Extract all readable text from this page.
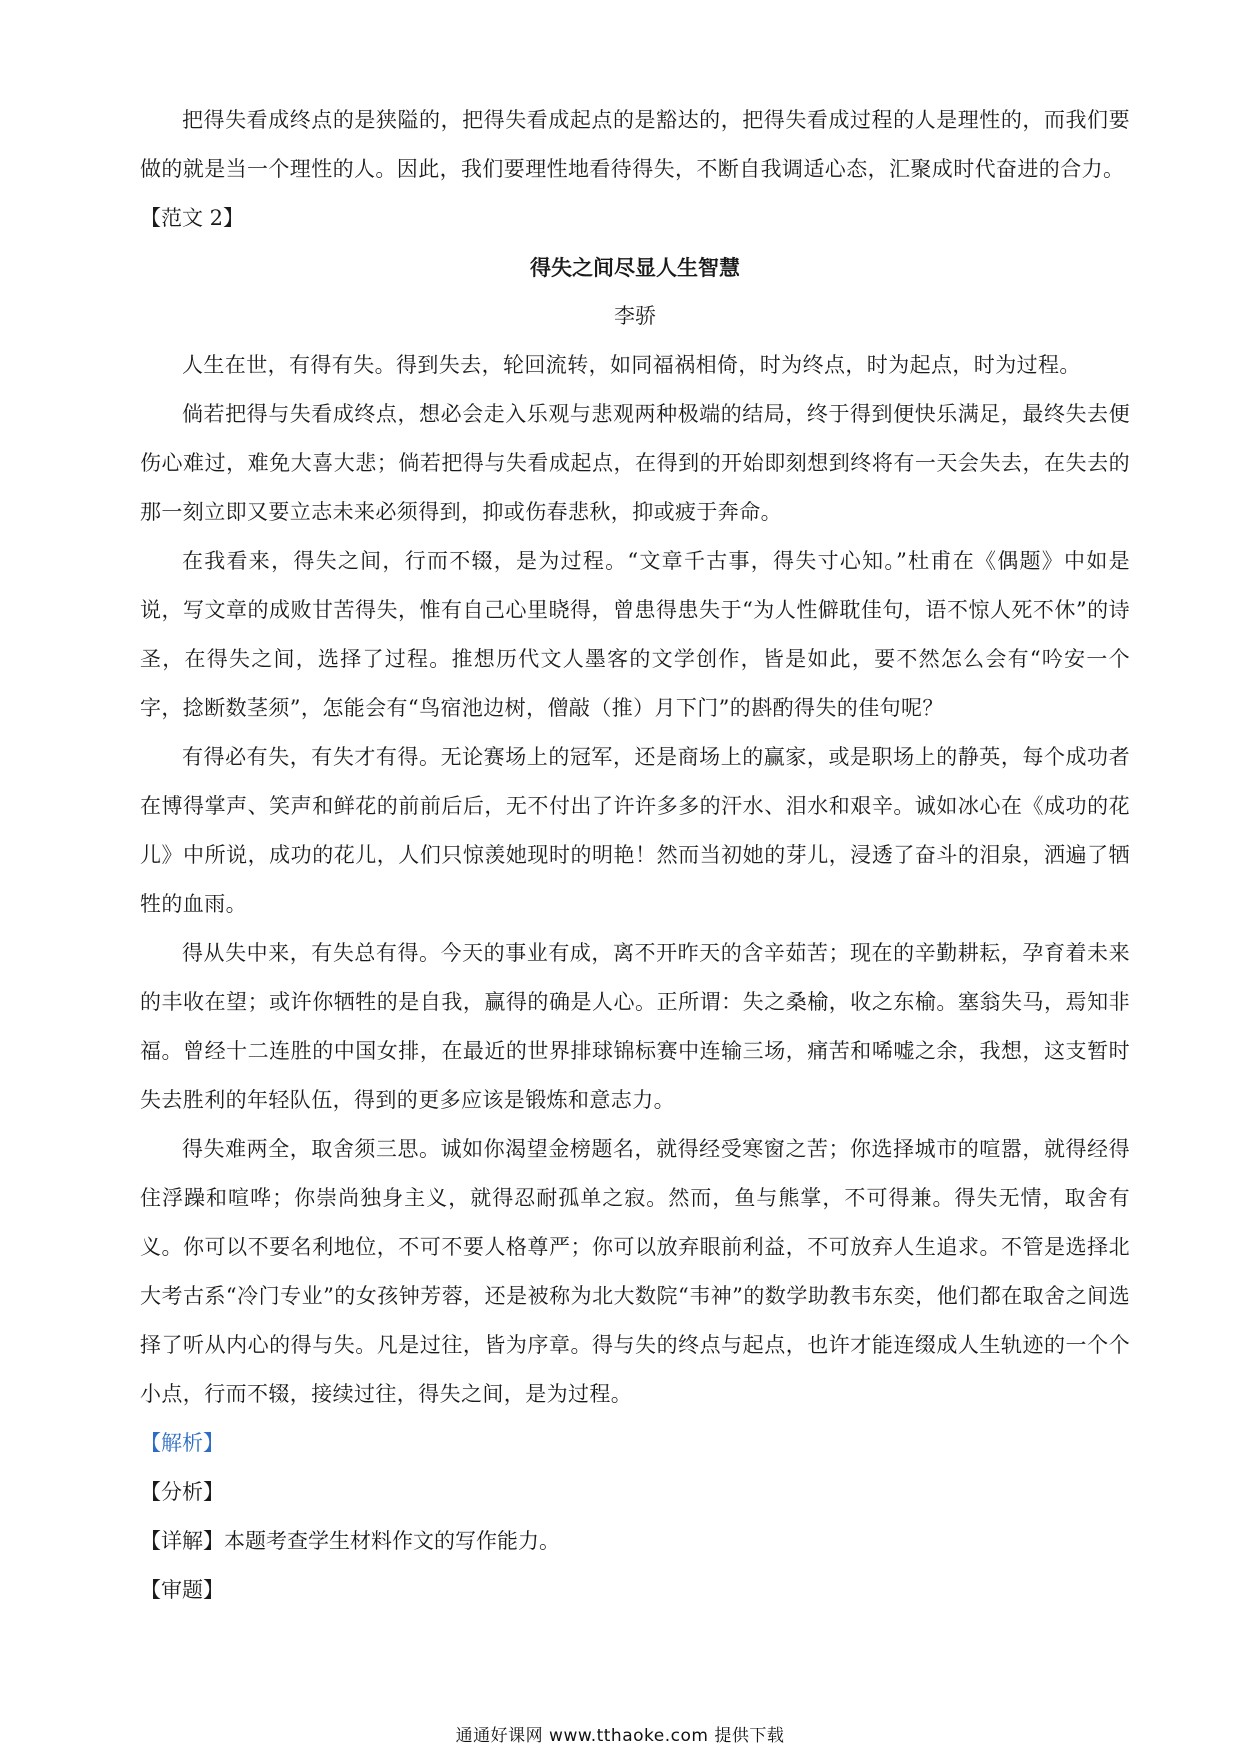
把得失看成终点的是狭隘的，把得失看成起点的是豁达的，把得失看成过程的人是理性的，而我们要做的就是当一个理性的人。因此，我们要理性地看待得失，不断自我调适心态，汇聚成时代奋进的合力。

【范文 2】

得失之间尽显人生智慧

李骄

人生在世，有得有失。得到失去，轮回流转，如同福祸相倚，时为终点，时为起点，时为过程。

倘若把得与失看成终点，想必会走入乐观与悲观两种极端的结局，终于得到便快乐满足，最终失去便伤心难过，难免大喜大悲；倘若把得与失看成起点，在得到的开始即刻想到终将有一天会失去，在失去的那一刻立即又要立志未来必须得到，抑或伤春悲秋，抑或疲于奔命。

在我看来，得失之间，行而不辍，是为过程。“文章千古事，得失寸心知。”杜甫在《偶题》中如是说，写文章的成败甘苦得失，惟有自己心里晓得，曾患得患失于“为人性僻耽佳句，语不惊人死不休”的诗圣，在得失之间，选择了过程。推想历代文人墨客的文学创作，皆是如此，要不然怎么会有“吟安一个字，捻断数茎须”，怎能会有“鸟宿池边树，僧敲（推）月下门”的斟酌得失的佳句呢？

有得必有失，有失才有得。无论赛场上的冠军，还是商场上的赢家，或是职场上的静英，每个成功者在博得掌声、笑声和鲜花的前前后后，无不付出了许许多多的汗水、泪水和艰辛。诚如冰心在《成功的花儿》中所说，成功的花儿，人们只惊羡她现时的明艳！然而当初她的芽儿，浸透了奋斗的泪泉，洒遍了牺牲的血雨。

得从失中来，有失总有得。今天的事业有成，离不开昨天的含辛茹苦；现在的辛勤耕耘，孕育着未来的丰收在望；或许你牺牲的是自我，赢得的确是人心。正所谓：失之桑榆，收之东榆。塞翁失马，焉知非福。曾经十二连胜的中国女排，在最近的世界排球锦标赛中连输三场，痛苦和唏嘘之余，我想，这支暂时失去胜利的年轻队伍，得到的更多应该是锻炼和意志力。

得失难两全，取舍须三思。诚如你渴望金榜题名，就得经受寒窗之苦；你选择城市的喧嚣，就得经得住浮躁和喧哗；你崇尚独身主义，就得忍耐孤单之寂。然而，鱼与熊掌，不可得兼。得失无情，取舍有义。你可以不要名利地位，不可不要人格尊严；你可以放弃眼前利益，不可放弃人生追求。不管是选择北大考古系“冷门专业”的女孩钟芳蓉，还是被称为北大数院“韦神”的数学助教韦东奕，他们都在取舍之间选择了听从内心的得与失。凡是过往，皆为序章。得与失的终点与起点，也许才能连缀成人生轨迹的一个个小点，行而不辍，接续过往，得失之间，是为过程。

【解析】

【分析】

【详解】本题考查学生材料作文的写作能力。

【审题】

通通好课网 www.tthaoke.com 提供下载
